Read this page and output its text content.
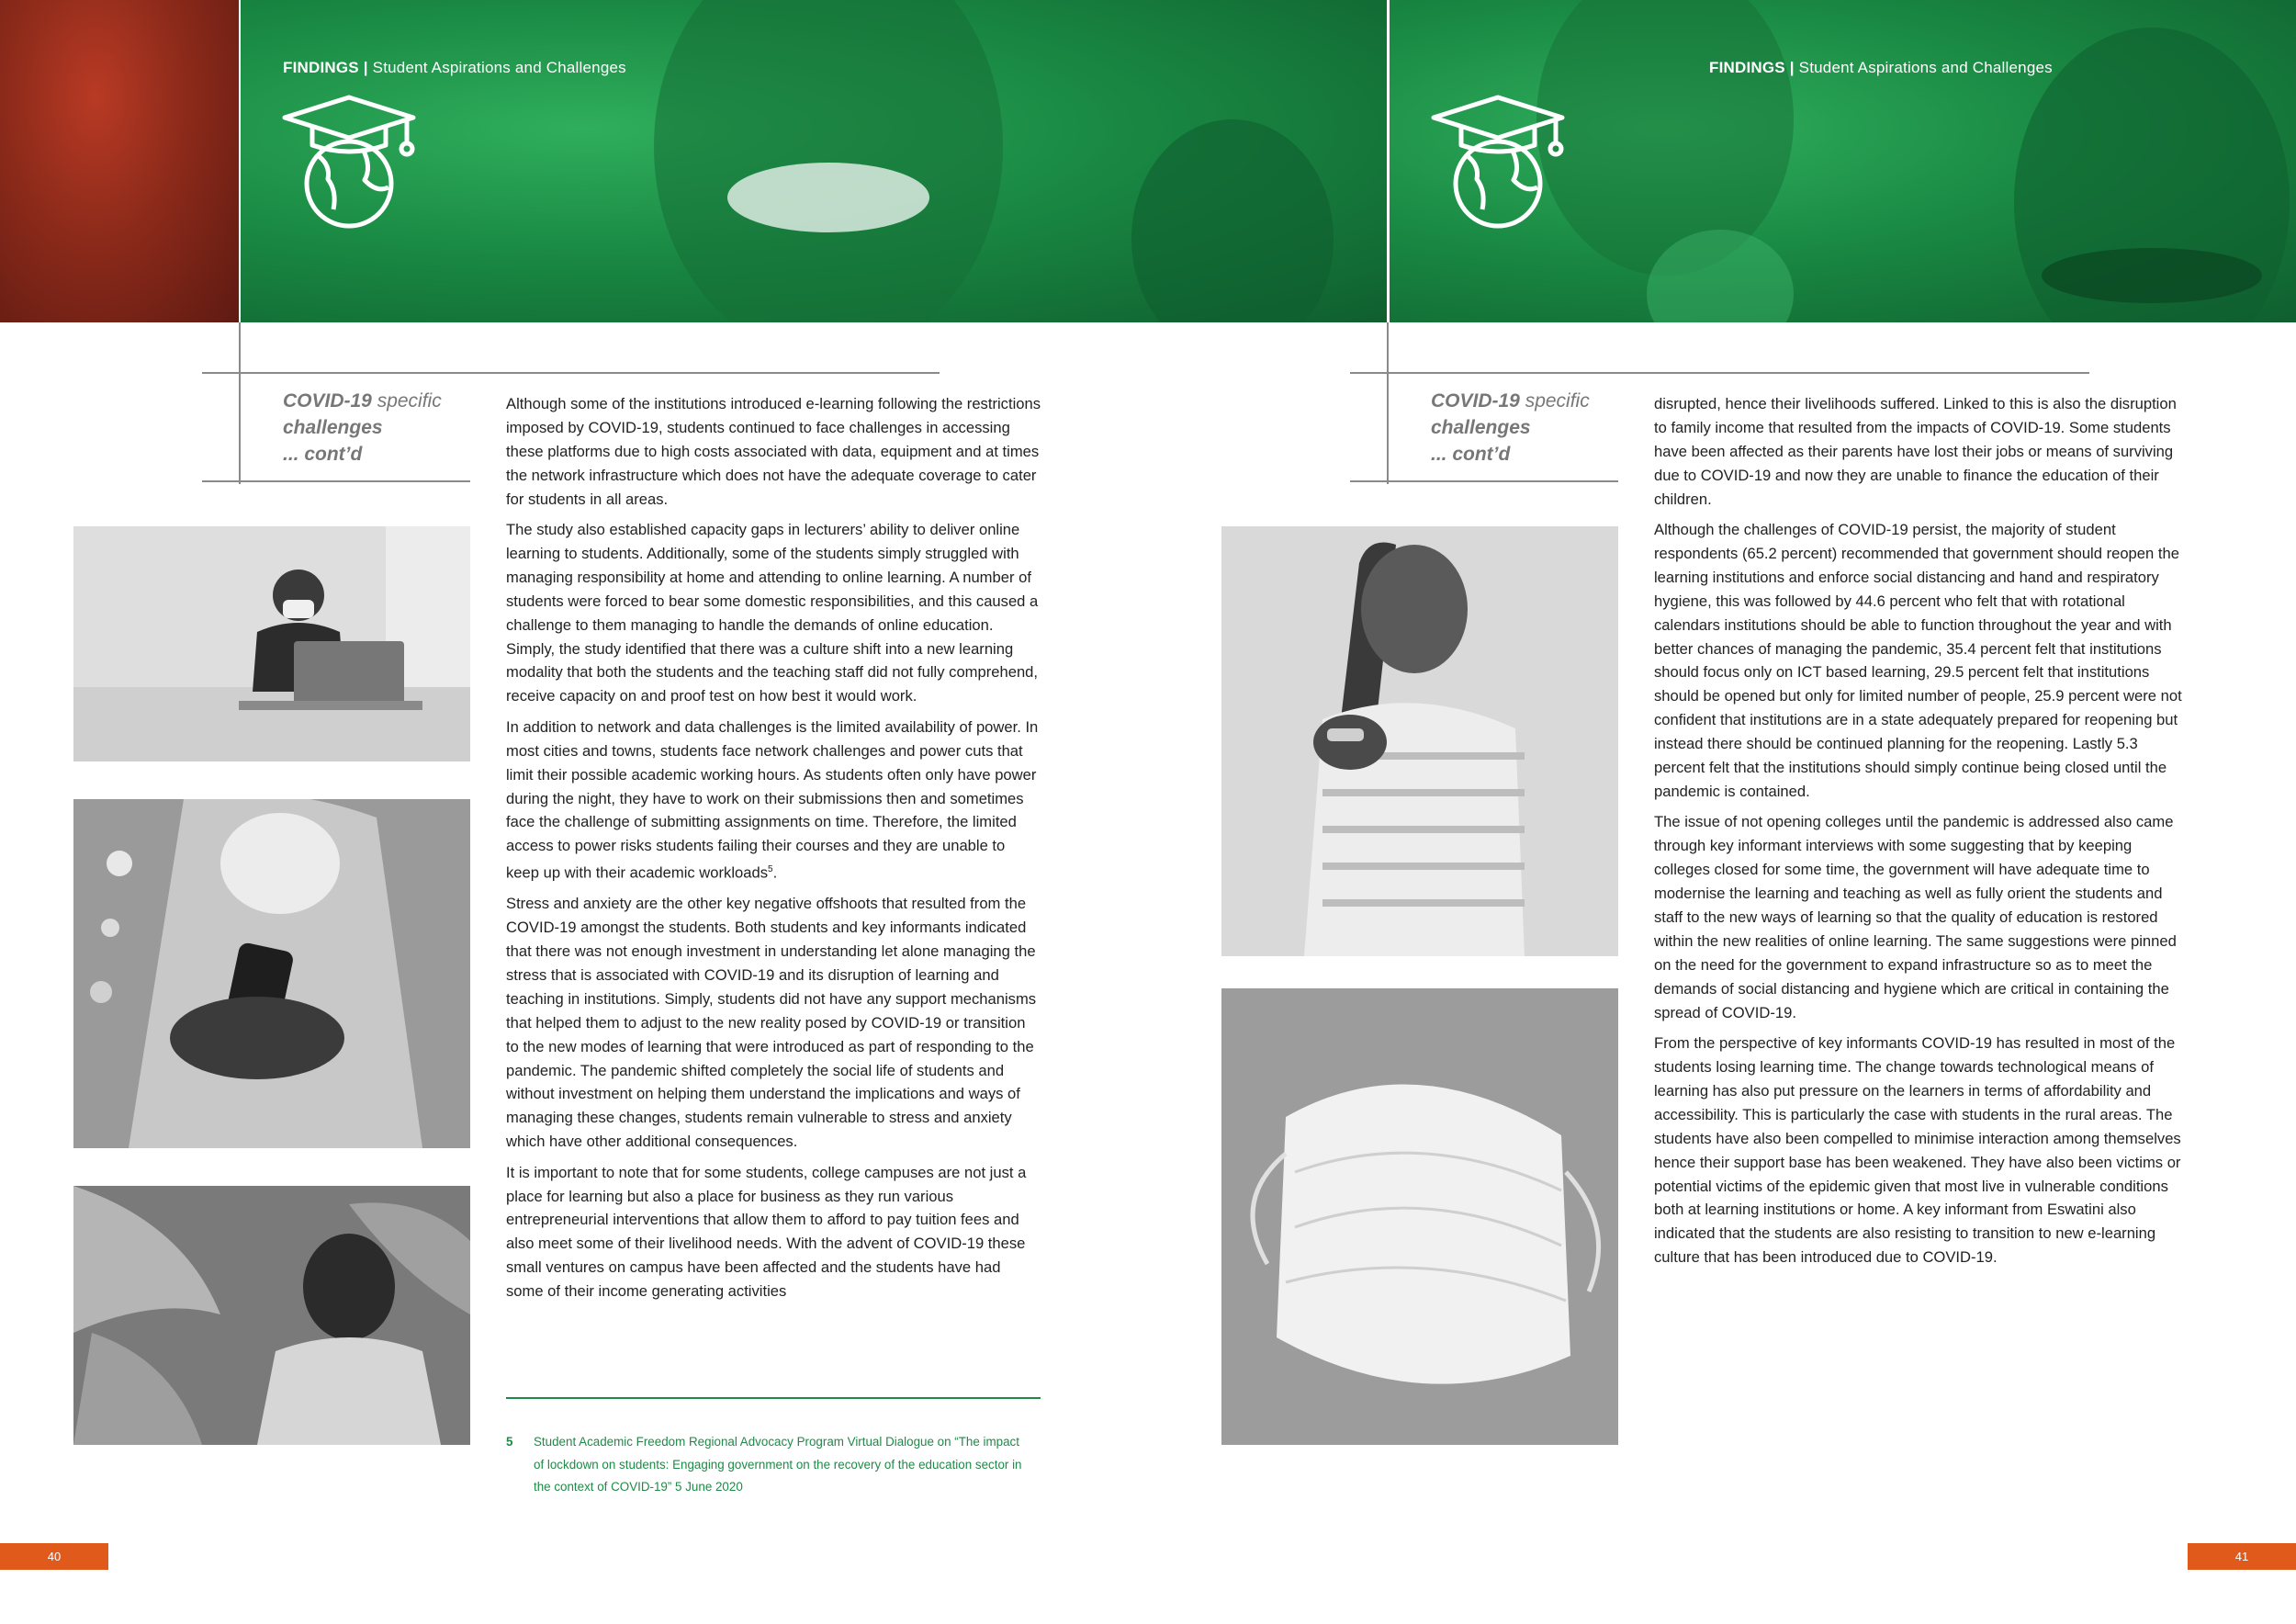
FINDINGS | Student Aspirations and Challenges	FINDINGS | Student Aspirations and Challenges
COVID-19 specific
challenges
... cont’d
COVID-19 specific
challenges
... cont’d

Although some of the institutions introduced e-learning following the restrictions imposed by COVID-19, students continued to face challenges in accessing these platforms due to high costs associated with data, equipment and at times the network infrastructure which does not have the adequate coverage to cater for students in all areas.

The study also established capacity gaps in lecturers’ ability to deliver online learning to students. Additionally, some of the students simply struggled with managing responsibility at home and attending to online learning. A number of students were forced to bear some domestic responsibilities, and this caused a challenge to them managing to handle the demands of online education. Simply, the study identified that there was a culture shift into a new learning modality that both the students and the teaching staff did not fully comprehend, receive capacity on and proof test on how best it would work.

In addition to network and data challenges is the limited availability of power. In most cities and towns, students face network challenges and power cuts that limit their possible academic working hours. As students often only have power during the night, they have to work on their submissions then and sometimes face the challenge of submitting assignments on time. Therefore, the limited access to power risks students failing their courses and they are unable to keep up with their academic workloads$^5$.

Stress and anxiety are the other key negative offshoots that resulted from the COVID-19 amongst the students. Both students and key informants indicated that there was not enough investment in understanding let alone managing the stress that is associated with COVID-19 and its disruption of learning and teaching in institutions. Simply, students did not have any support mechanisms that helped them to adjust to the new reality posed by COVID-19 or transition to the new modes of learning that were introduced as part of responding to the pandemic. The pandemic shifted completely the social life of students and without investment on helping them understand the implications and ways of managing these changes, students remain vulnerable to stress and anxiety which have other additional consequences.

It is important to note that for some students, college campuses are not just a place for learning but also a place for business as they run various entrepreneurial interventions that allow them to afford to pay tuition fees and also meet some of their livelihood needs. With the advent of COVID-19 these small ventures on campus have been affected and the students have had some of their income generating activities

5 Student Academic Freedom Regional Advocacy Program Virtual Dialogue on “The impact of lockdown on students: Engaging government on the recovery of the education sector in the context of COVID-19” 5 June 2020

disrupted, hence their livelihoods suffered. Linked to this is also the disruption to family income that resulted from the impacts of COVID-19. Some students have been affected as their parents have lost their jobs or means of surviving due to COVID-19 and now they are unable to finance the education of their children.

Although the challenges of COVID-19 persist, the majority of student respondents (65.2 percent) recommended that government should reopen the learning institutions and enforce social distancing and hand and respiratory hygiene, this was followed by 44.6 percent who felt that with rotational calendars institutions should be able to function throughout the year and with better chances of managing the pandemic, 35.4 percent felt that institutions should focus only on ICT based learning, 29.5 percent felt that institutions should be opened but only for limited number of people, 25.9 percent were not confident that institutions are in a state adequately prepared for reopening but instead there should be continued planning for the reopening. Lastly 5.3 percent felt that the institutions should simply continue being closed until the pandemic is contained.

The issue of not opening colleges until the pandemic is addressed also came through key informant interviews with some suggesting that by keeping colleges closed for some time, the government will have adequate time to modernise the learning and teaching as well as fully orient the students and staff to the new ways of learning so that the quality of education is restored within the new realities of online learning. The same suggestions were pinned on the need for the government to expand infrastructure so as to meet the demands of social distancing and hygiene which are critical in containing the spread of COVID-19.

From the perspective of key informants COVID-19 has resulted in most of the students losing learning time. The change towards technological means of learning has also put pressure on the learners in terms of affordability and accessibility. This is particularly the case with students in the rural areas. The students have also been compelled to minimise interaction among themselves hence their support base has been weakened. They have also been victims or potential victims of the epidemic given that most live in vulnerable conditions both at learning institutions or home. A key informant from Eswatini also indicated that the students are also resisting to transition to new e-learning culture that has been introduced due to COVID-19.

40	41
